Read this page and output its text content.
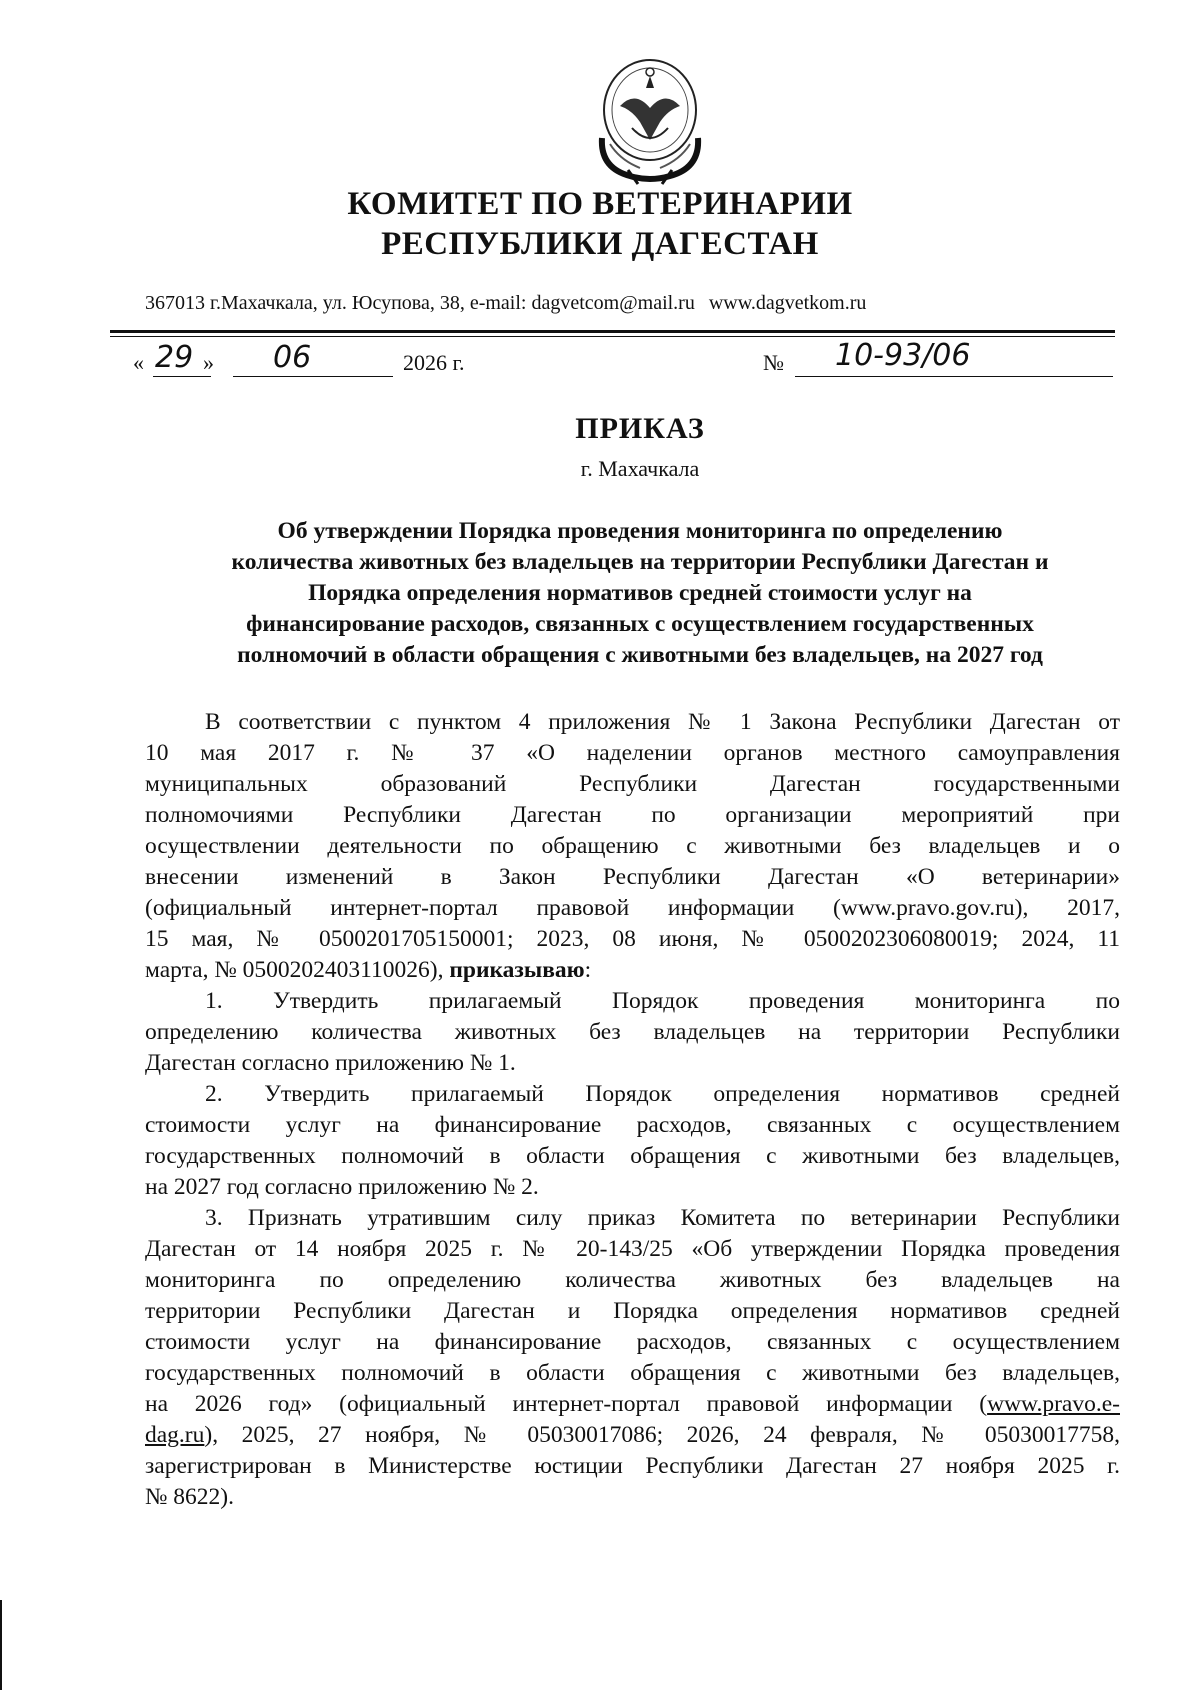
КОМИТЕТ ПО ВЕТЕРИНАРИИ
РЕСПУБЛИКИ ДАГЕСТАН
367013 г.Махачкала, ул. Юсупова, 38, e-mail: dagvetcom@mail.ru www.dagvetkom.ru
« 29 » 06	2026 г.	№ 10-93/06
ПРИКАЗ
г. Махачкала
Об утверждении Порядка проведения мониторинга по определению
количества животных без владельцев на территории Республики Дагестан и
Порядка определения нормативов средней стоимости услуг на
финансирование расходов, связанных с осуществлением государственных
полномочий в области обращения с животными без владельцев, на 2027 год
В соответствии с пунктом 4 приложения № 1 Закона Республики Дагестан от
10 мая 2017 г. № 37 «О наделении органов местного самоуправления
муниципальных образований Республики Дагестан государственными
полномочиями Республики Дагестан по организации мероприятий при
осуществлении деятельности по обращению с животными без владельцев и о
внесении изменений в Закон Республики Дагестан «О ветеринарии»
(официальный интернет-портал правовой информации (www.pravo.gov.ru), 2017,
15 мая, № 0500201705150001; 2023, 08 июня, № 0500202306080019; 2024, 11
марта, № 0500202403110026), приказываю:
1. Утвердить прилагаемый Порядок проведения мониторинга по
определению количества животных без владельцев на территории Республики
Дагестан согласно приложению № 1.
2. Утвердить прилагаемый Порядок определения нормативов средней
стоимости услуг на финансирование расходов, связанных с осуществлением
государственных полномочий в области обращения с животными без владельцев,
на 2027 год согласно приложению № 2.
3. Признать утратившим силу приказ Комитета по ветеринарии Республики
Дагестан от 14 ноября 2025 г. № 20-143/25 «Об утверждении Порядка проведения
мониторинга по определению количества животных без владельцев на
территории Республики Дагестан и Порядка определения нормативов средней
стоимости услуг на финансирование расходов, связанных с осуществлением
государственных полномочий в области обращения с животными без владельцев,
на 2026 год» (официальный интернет-портал правовой информации (www.pravo.e-
dag.ru), 2025, 27 ноября, № 05030017086; 2026, 24 февраля, № 05030017758,
зарегистрирован в Министерстве юстиции Республики Дагестан 27 ноября 2025 г.
№ 8622).
